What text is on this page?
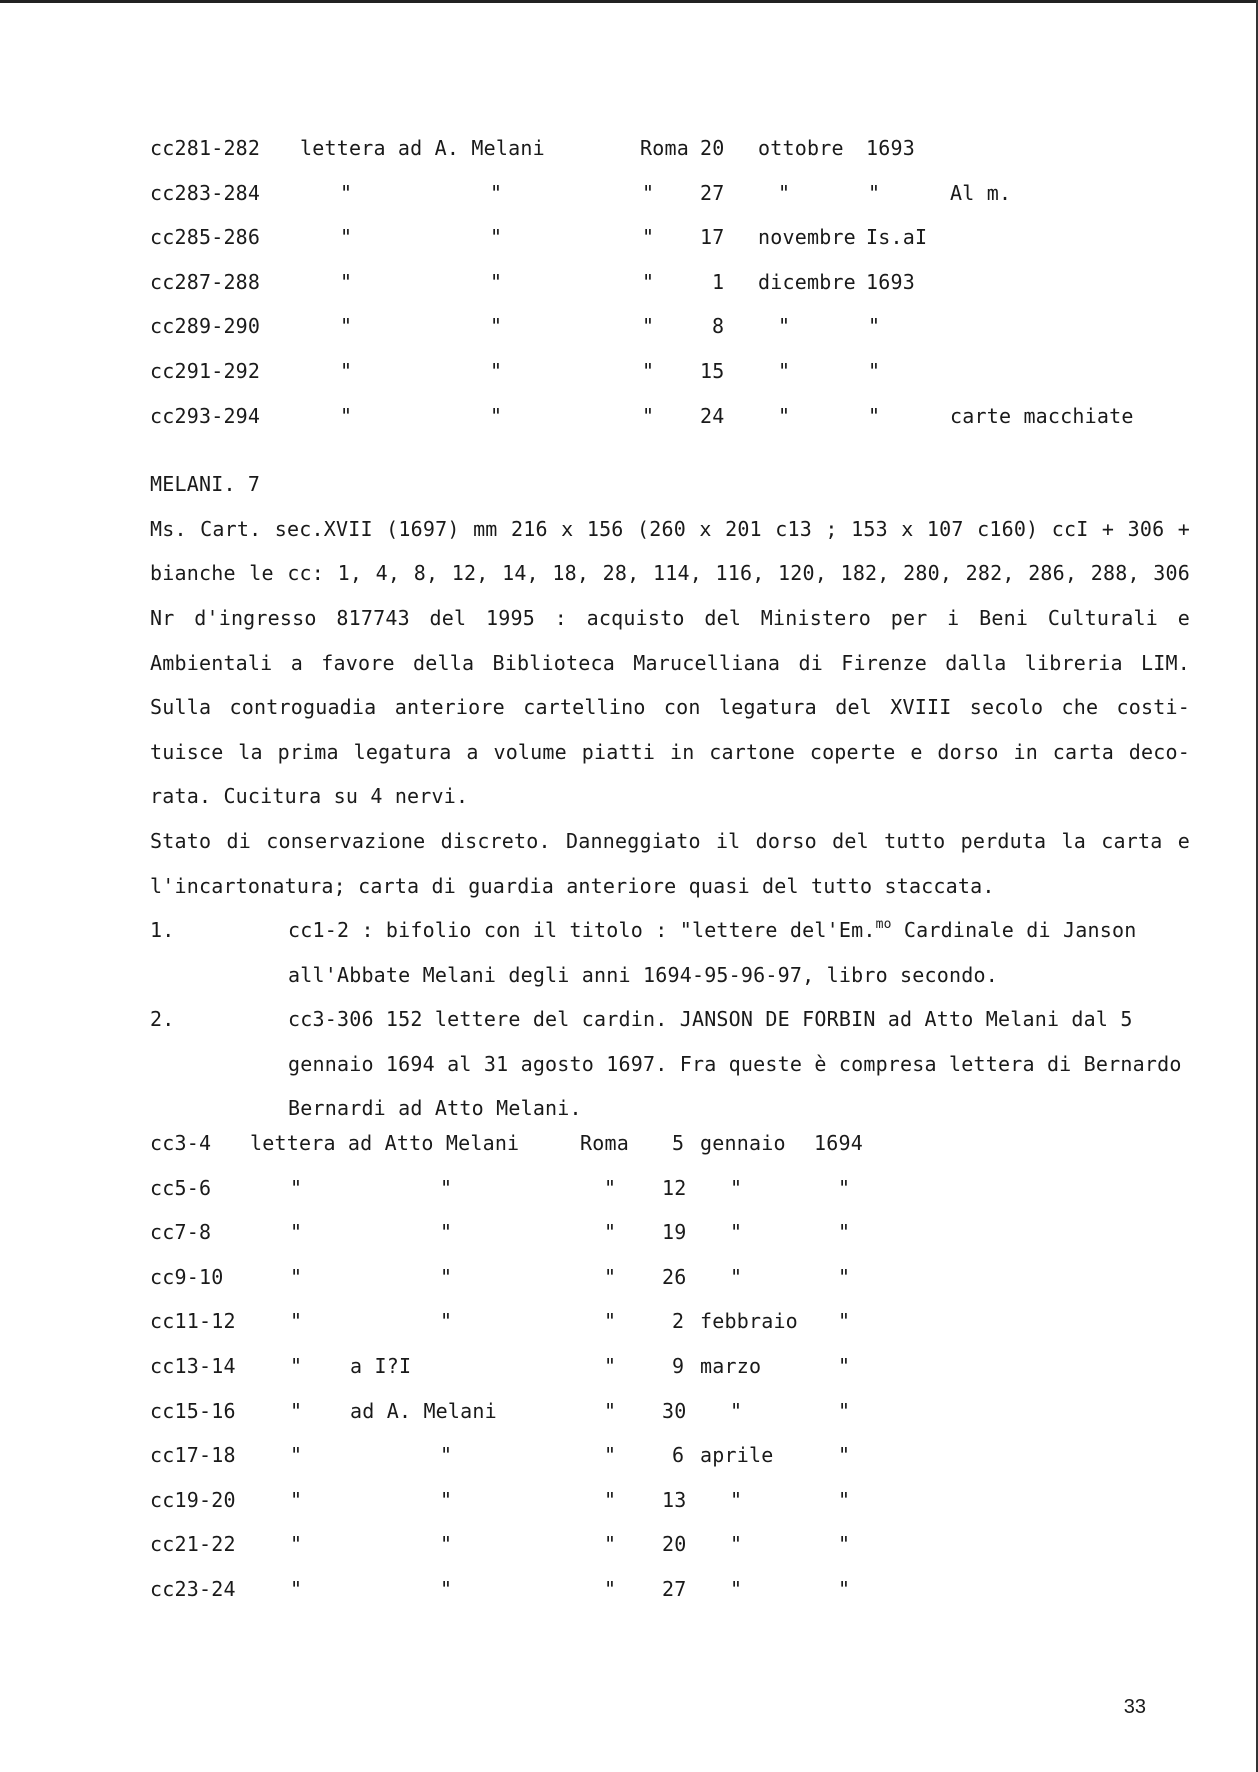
cc281-282 lettera ad A. Melani	Roma 20 ottobre 1693
cc283-284	"	"	" 27	"	"	Al m.
cc285-286	"	"	" 17 novembre Is.aI
cc287-288	"	"	"	1 dicembre 1693
cc289-290	"	"	"	8	"	"
cc291-292	"	"	" 15	"	"
cc293-294	"	"	" 24	"	"	carte macchiate

MELANI. 7

Ms. Cart. sec.XVII (1697) mm 216 x 156 (260 x 201 c13 ; 153 x 107 c160) ccI + 306 + bianche le cc: 1, 4, 8, 12, 14, 18, 28, 114, 116, 120, 182, 280, 282, 286, 288, 306 Nr d'ingresso 817743 del 1995 : acquisto del Ministero per i Beni Culturali e Ambientali a favore della Biblioteca Marucelliana di Firenze dalla libreria LIM. Sulla controguadia anteriore cartellino con legatura del XVIII secolo che costi-tuisce la prima legatura a volume piatti in cartone coperte e dorso in carta deco-rata. Cucitura su 4 nervi.

Stato di conservazione discreto. Danneggiato il dorso del tutto perduta la carta e l'incartonatura; carta di guardia anteriore quasi del tutto staccata.

1.	cc1-2 : bifolio con il titolo : "lettere del'Em.$^{mo}$ Cardinale di Janson all'Abbate Melani degli anni 1694-95-96-97, libro secondo.
2.	cc3-306 152 lettere del cardin. JANSON DE FORBIN ad Atto Melani dal 5 gennaio 1694 al 31 agosto 1697. Fra queste è compresa lettera di Bernardo Bernardi ad Atto Melani.
cc3-4 lettera ad Atto Melani	Roma 5 gennaio 1694
cc5-6	"	"	" 12 "	"
cc7-8	"	"	" 19 "	"
cc9-10	"	"	" 26 "	"
cc11-12	"	"	"	2 febbraio "
cc13-14	" a I?I	"	9 marzo	"
cc15-16	" ad A. Melani	" 30 "	"
cc17-18	"	"	"	6 aprile	"
cc19-20	"	"	" 13 "	"
cc21-22	"	"	" 20 "	"
cc23-24	"	"	" 27 "	"
33
